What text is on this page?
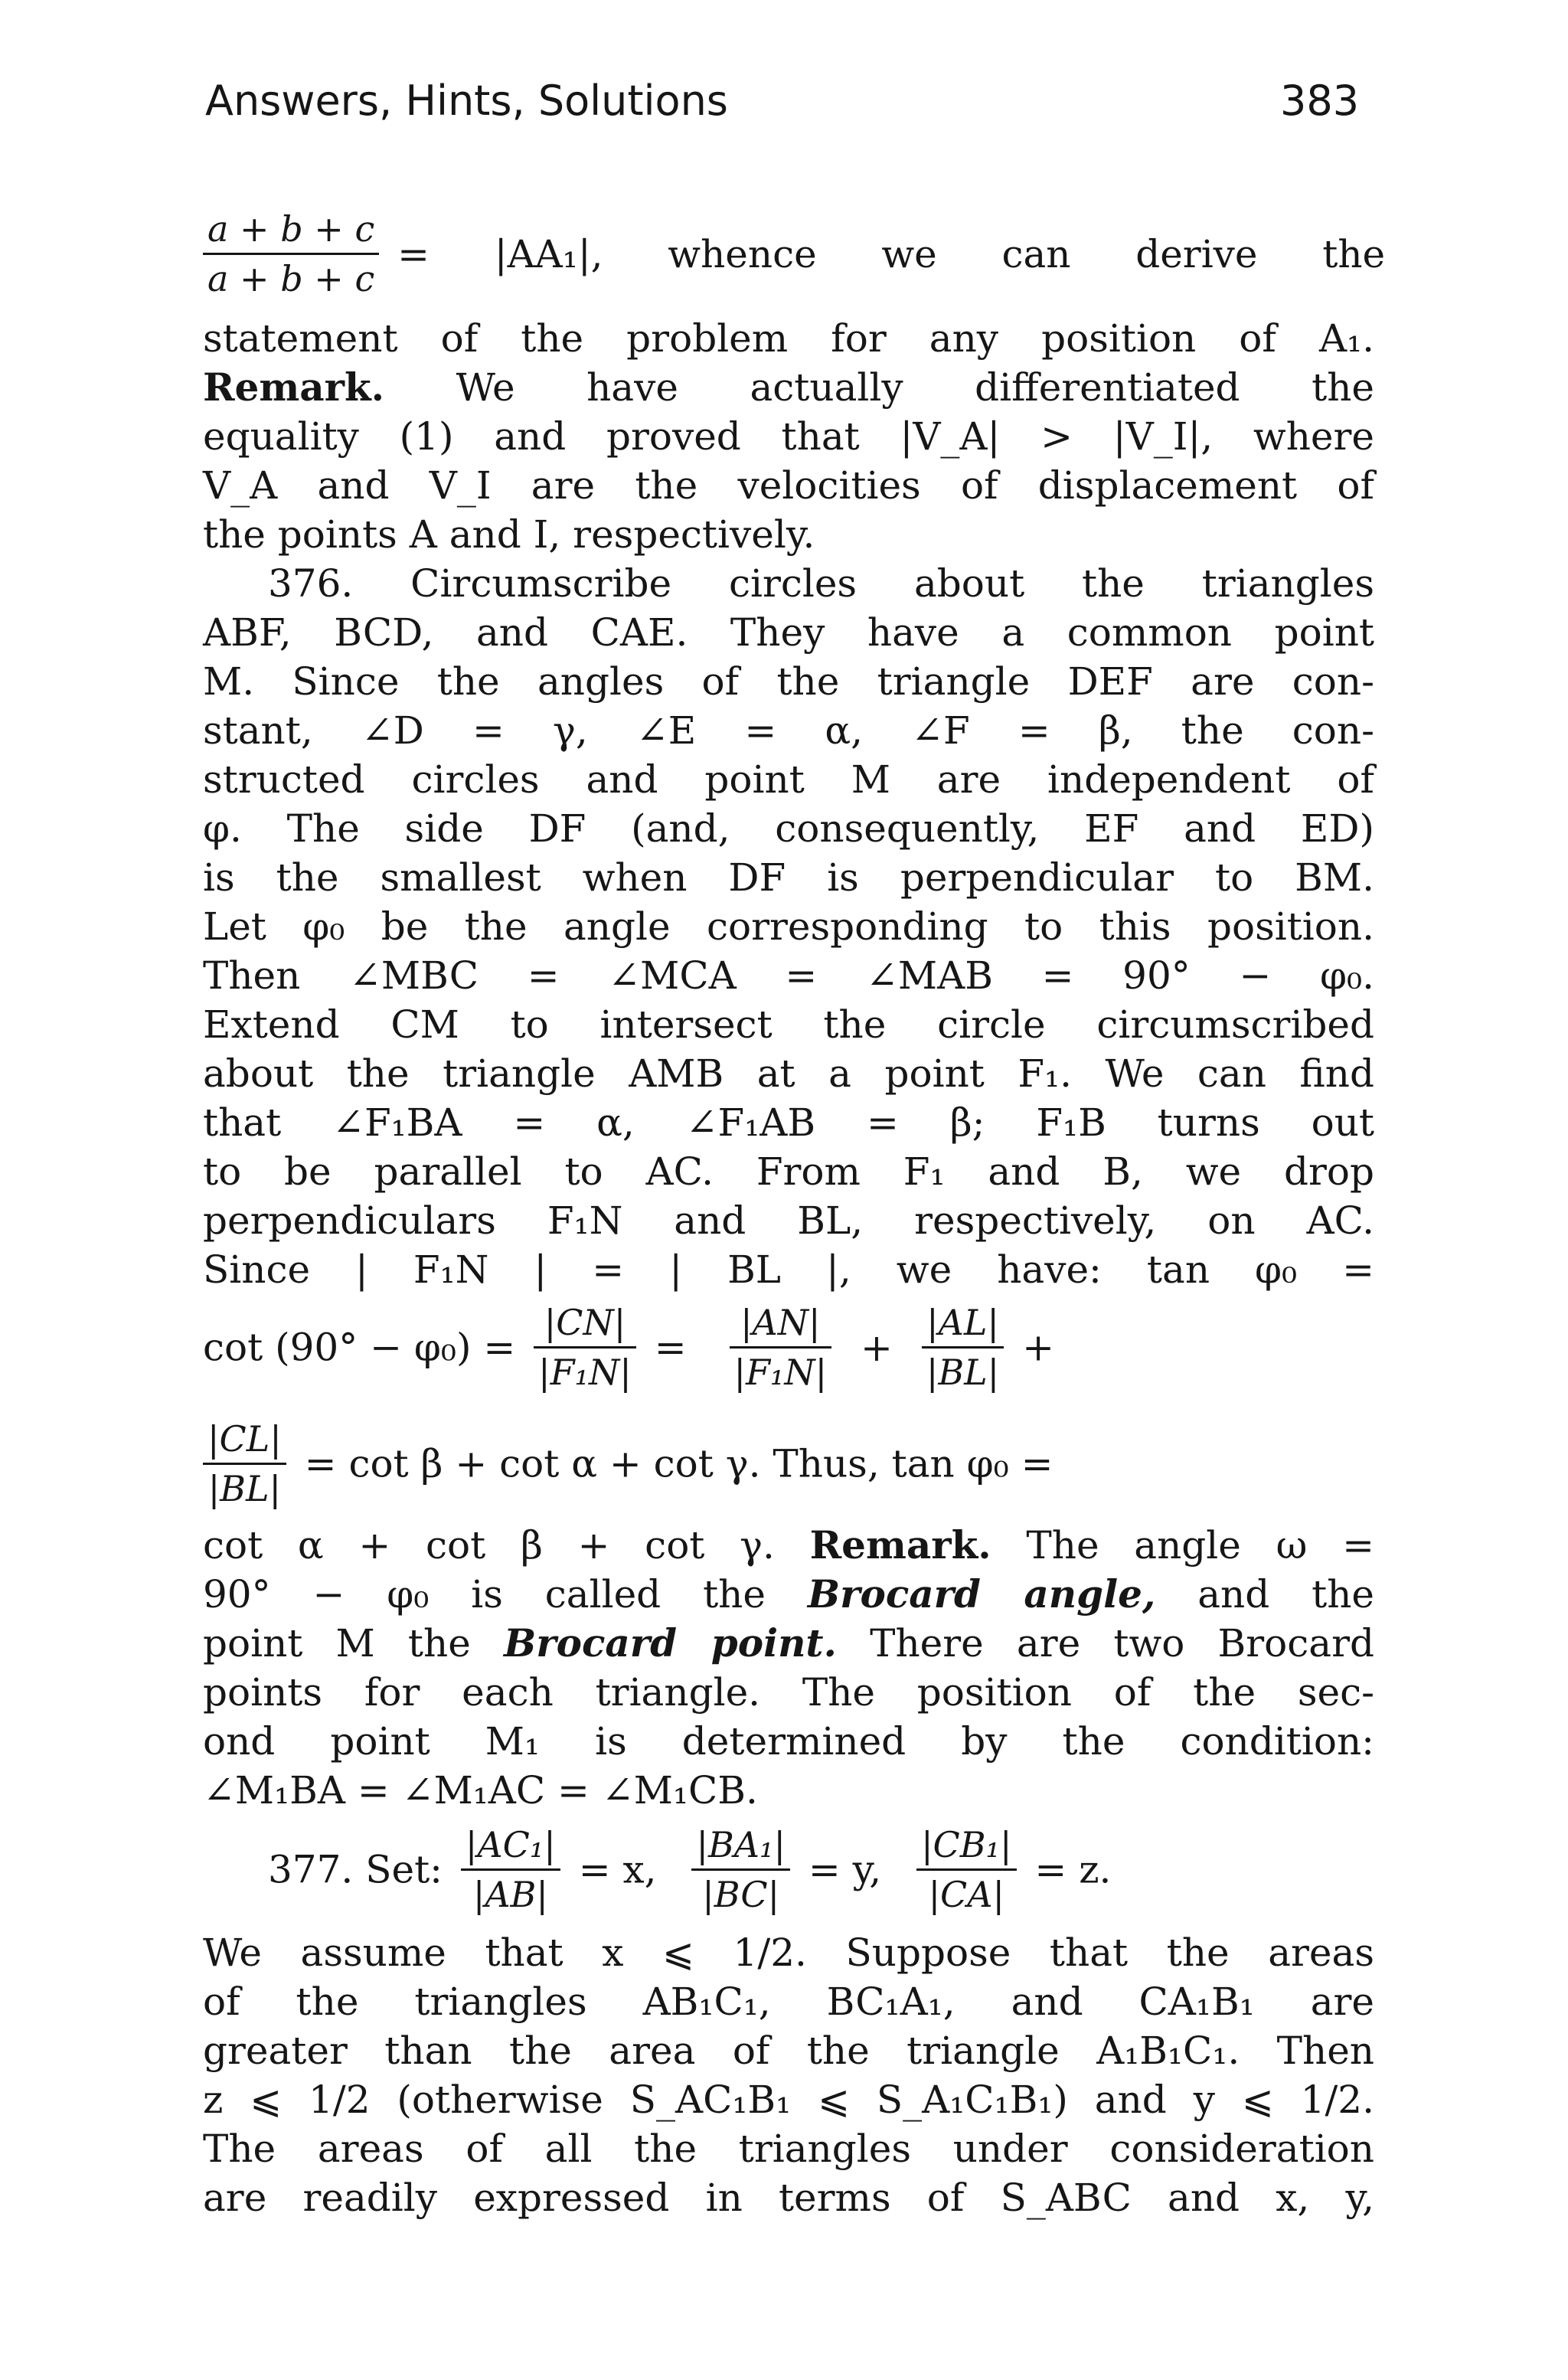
Answers, Hints, Solutions	383
$\frac{a + b + c}{a + b + c} = |AA_1|$, whence we can derive the
statement of the problem for any position of A₁.
Remark. We have actually differentiated the
equality (1) and proved that |V_A| > |V_I|, where
V_A and V_I are the velocities of displacement of
the points A and I, respectively.
376. Circumscribe circles about the triangles
ABF, BCD, and CAE. They have a common point
M. Since the angles of the triangle DEF are con-
stant, ∠D = γ, ∠E = α, ∠F = β, the con-
structed circles and point M are independent of
φ. The side DF (and, consequently, EF and ED)
is the smallest when DF is perpendicular to BM.
Let φ₀ be the angle corresponding to this position.
Then ∠MBC = ∠MCA = ∠MAB = 90° − φ₀.
Extend CM to intersect the circle circumscribed
about the triangle AMB at a point F₁. We can find
that ∠F₁BA = α, ∠F₁AB = β; F₁B turns out
to be parallel to AC. From F₁ and B, we drop
perpendiculars F₁N and BL, respectively, on AC.
Since | F₁N | = | BL |, we have: tan φ₀ =
$\cot (90^\circ - \varphi_0) = \frac{|CN|}{\text{|F₁N|}} = \frac{|AN|}{\text{|F₁N|}} + \frac{|AL|}{|BL|}$ +
$\frac{|CL|}{|BL|} = \cot \beta + \cot \alpha + \cot \gamma$. Thus, tan φ₀ =
cot α + cot β + cot γ. Remark. The angle ω =
90° − φ₀ is called the Brocard angle, and the
point M the Brocard point. There are two Brocard
points for each triangle. The position of the sec-
ond point M₁ is determined by the condition:
∠M₁BA = ∠M₁AC = ∠M₁CB.
377. Set: $\frac{\text{|AC₁|}}{|AB|} = x$, $\frac{\text{|BA₁|}}{|BC|} = y$, $\frac{\text{|CB₁|}}{|CA|} = z$.
We assume that x ⩽ 1/2. Suppose that the areas
of the triangles AB₁C₁, BC₁A₁, and CA₁B₁ are
greater than the area of the triangle A₁B₁C₁. Then
z ⩽ 1/2 (otherwise S_AC₁B₁ ⩽ S_A₁C₁B₁) and y ⩽ 1/2.
The areas of all the triangles under consideration
are readily expressed in terms of S_ABC and x, y,
